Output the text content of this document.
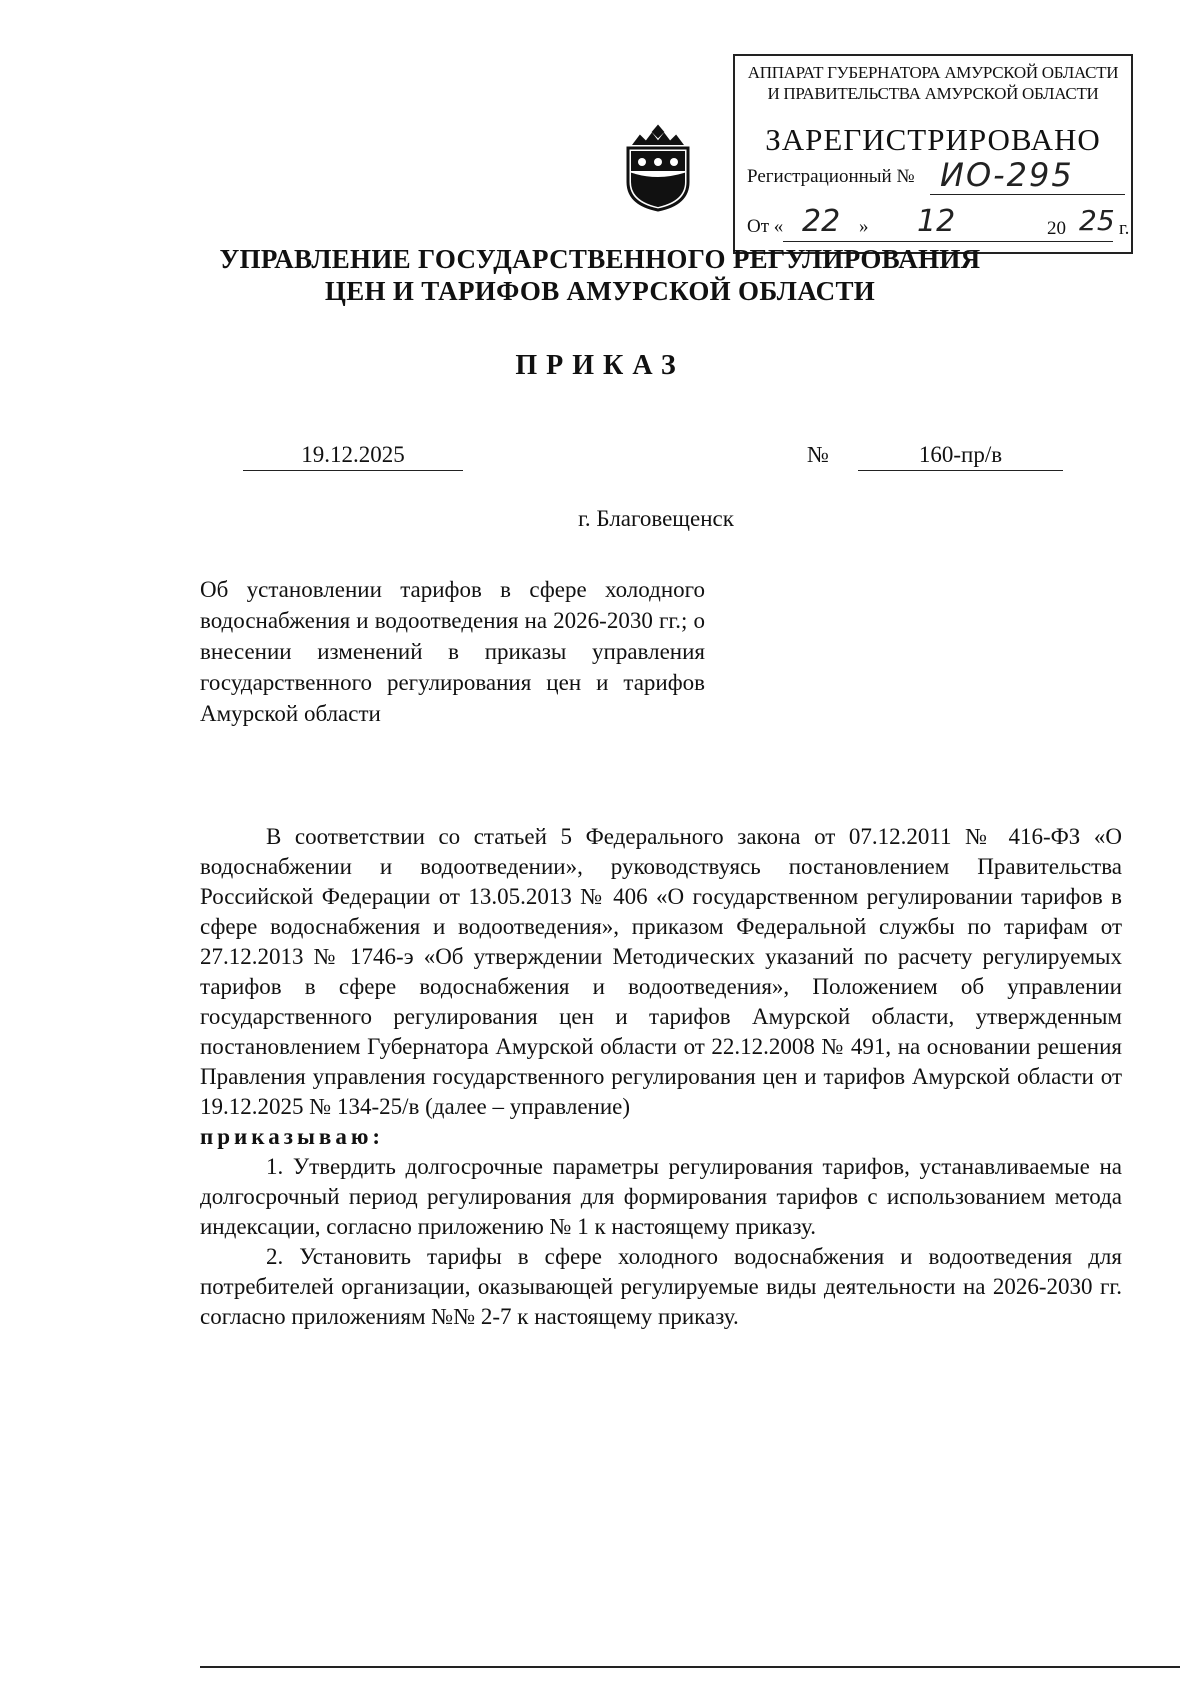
АППАРАТ ГУБЕРНАТОРА АМУРСКОЙ ОБЛАСТИ
И ПРАВИТЕЛЬСТВА АМУРСКОЙ ОБЛАСТИ
ЗАРЕГИСТРИРОВАНО
Регистрационный № ИО-295
От « 22 » 12	20 25 г.
УПРАВЛЕНИЕ ГОСУДАРСТВЕННОГО РЕГУЛИРОВАНИЯ
ЦЕН И ТАРИФОВ АМУРСКОЙ ОБЛАСТИ
ПРИКАЗ
19.12.2025	№	160-пр/в
г. Благовещенск
Об установлении тарифов в сфере холодного водоснабжения и водоотведения на 2026-2030 гг.; о внесении изменений в приказы управления государственного регулирования цен и тарифов Амурской области

В соответствии со статьей 5 Федерального закона от 07.12.2011 № 416-ФЗ «О водоснабжении и водоотведении», руководствуясь постановлением Правительства Российской Федерации от 13.05.2013 № 406 «О государственном регулировании тарифов в сфере водоснабжения и водоотведения», приказом Федеральной службы по тарифам от 27.12.2013 № 1746-э «Об утверждении Методических указаний по расчету регулируемых тарифов в сфере водоснабжения и водоотведения», Положением об управлении государственного регулирования цен и тарифов Амурской области, утвержденным постановлением Губернатора Амурской области от 22.12.2008 № 491, на основании решения Правления управления государственного регулирования цен и тарифов Амурской области от 19.12.2025 № 134-25/в (далее – управление)

приказываю:

1. Утвердить долгосрочные параметры регулирования тарифов, устанавливаемые на долгосрочный период регулирования для формирования тарифов с использованием метода индексации, согласно приложению № 1 к настоящему приказу.

2. Установить тарифы в сфере холодного водоснабжения и водоотведения для потребителей организации, оказывающей регулируемые виды деятельности на 2026-2030 гг. согласно приложениям №№ 2-7 к настоящему приказу.
